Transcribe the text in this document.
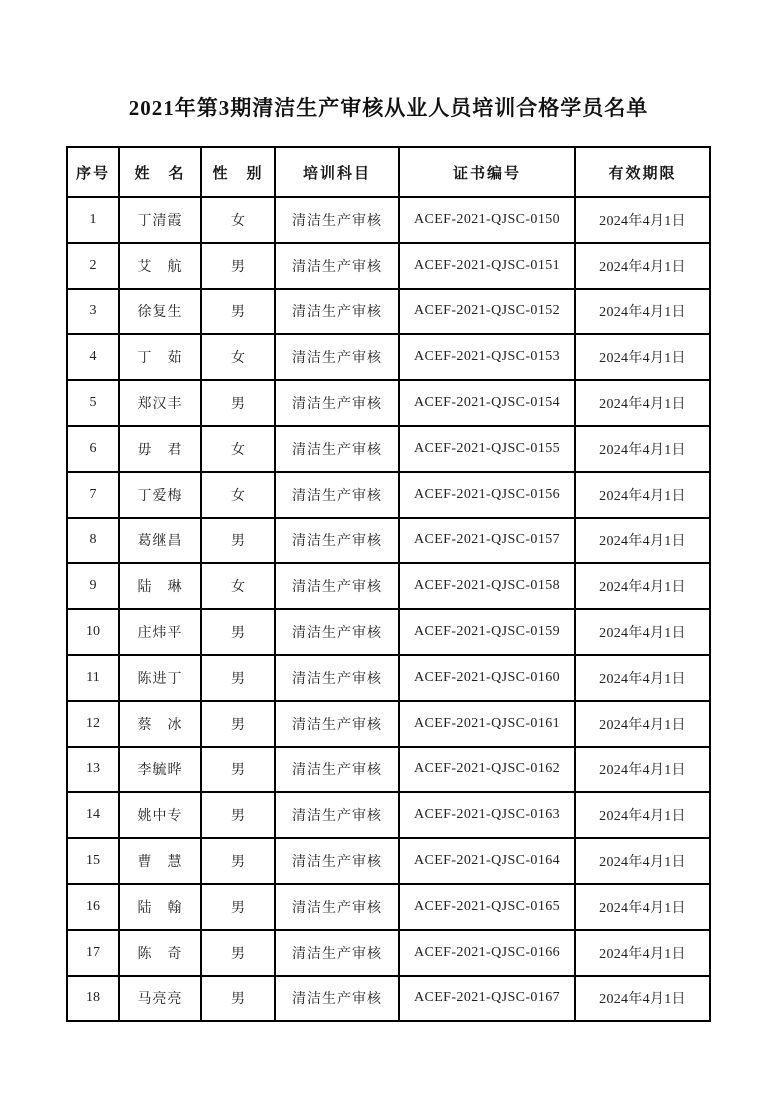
2021年第3期清洁生产审核从业人员培训合格学员名单
序号	姓　名	性　别	培训科目	证书编号	有效期限
1	丁清霞	女	清洁生产审核	ACEF-2021-QJSC-0150	2024年4月1日
2	艾　航	男	清洁生产审核	ACEF-2021-QJSC-0151	2024年4月1日
3	徐复生	男	清洁生产审核	ACEF-2021-QJSC-0152	2024年4月1日
4	丁　茹	女	清洁生产审核	ACEF-2021-QJSC-0153	2024年4月1日
5	郑汉丰	男	清洁生产审核	ACEF-2021-QJSC-0154	2024年4月1日
6	毋　君	女	清洁生产审核	ACEF-2021-QJSC-0155	2024年4月1日
7	丁爱梅	女	清洁生产审核	ACEF-2021-QJSC-0156	2024年4月1日
8	葛继昌	男	清洁生产审核	ACEF-2021-QJSC-0157	2024年4月1日
9	陆　琳	女	清洁生产审核	ACEF-2021-QJSC-0158	2024年4月1日
10	庄炜平	男	清洁生产审核	ACEF-2021-QJSC-0159	2024年4月1日
11	陈进丁	男	清洁生产审核	ACEF-2021-QJSC-0160	2024年4月1日
12	蔡　冰	男	清洁生产审核	ACEF-2021-QJSC-0161	2024年4月1日
13	李毓晔	男	清洁生产审核	ACEF-2021-QJSC-0162	2024年4月1日
14	姚中专	男	清洁生产审核	ACEF-2021-QJSC-0163	2024年4月1日
15	曹　慧	男	清洁生产审核	ACEF-2021-QJSC-0164	2024年4月1日
16	陆　翰	男	清洁生产审核	ACEF-2021-QJSC-0165	2024年4月1日
17	陈　奇	男	清洁生产审核	ACEF-2021-QJSC-0166	2024年4月1日
18	马亮亮	男	清洁生产审核	ACEF-2021-QJSC-0167	2024年4月1日
